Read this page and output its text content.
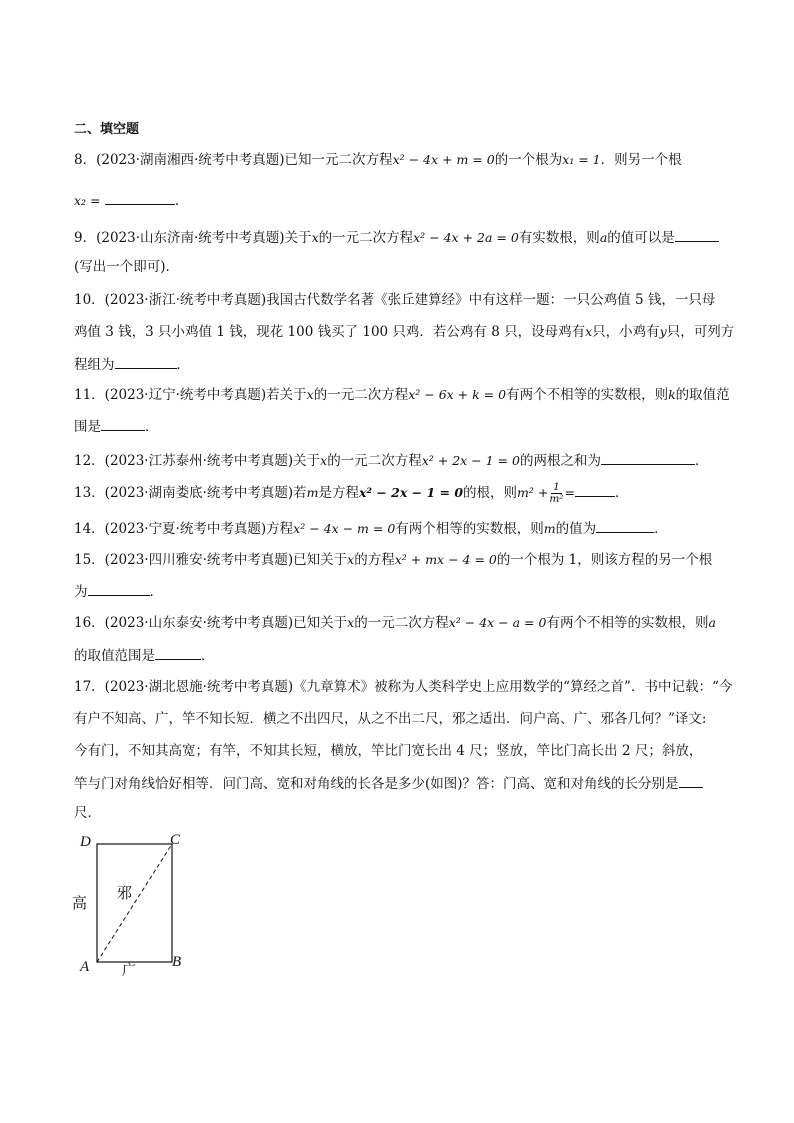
二、填空题
8．(2023·湖南湘西·统考中考真题)已知一元二次方程x² − 4x + m = 0的一个根为x₁ = 1．则另一个根
x₂ =	．
9．(2023·山东济南·统考中考真题)关于x的一元二次方程x² − 4x + 2a = 0有实数根，则a的值可以是
(写出一个即可)．
10．(2023·浙江·统考中考真题)我国古代数学名著《张丘建算经》中有这样一题：一只公鸡值 5 钱，一只母
鸡值 3 钱，3 只小鸡值 1 钱，现花 100 钱买了 100 只鸡．若公鸡有 8 只，设母鸡有x只，小鸡有y只，可列方
程组为	．
11．(2023·辽宁·统考中考真题)若关于x的一元二次方程x² − 6x + k = 0有两个不相等的实数根，则k的取值范
围是	．
12．(2023·江苏泰州·统考中考真题)关于x的一元二次方程x² + 2x − 1 = 0的两根之和为	．
13．(2023·湖南娄底·统考中考真题)若m是方程x² − 2x − 1 = 0的根，则$m^2 + \frac{1}{\text{m²}}$ =	．
14．(2023·宁夏·统考中考真题)方程x² − 4x − m = 0有两个相等的实数根，则m的值为	．
15．(2023·四川雅安·统考中考真题)已知关于x的方程x² + mx − 4 = 0的一个根为 1，则该方程的另一个根
为	．
16．(2023·山东泰安·统考中考真题)已知关于x的一元二次方程x² − 4x − a = 0有两个不相等的实数根，则a
的取值范围是	．
17．(2023·湖北恩施·统考中考真题)《九章算术》被称为人类科学史上应用数学的“算经之首”．书中记载：“今
有户不知高、广，竿不知长短．横之不出四尺，从之不出二尺，邪之适出．问户高、广、邪各几何？”译文:
今有门，不知其高宽；有竿，不知其长短，横放，竿比门宽长出 4 尺；竖放，竿比门高长出 2 尺；斜放，
竿与门对角线恰好相等．问门高、宽和对角线的长各是多少(如图)？答：门高、宽和对角线的长分别是
尺．
D	C
A	B
高
广
邪
